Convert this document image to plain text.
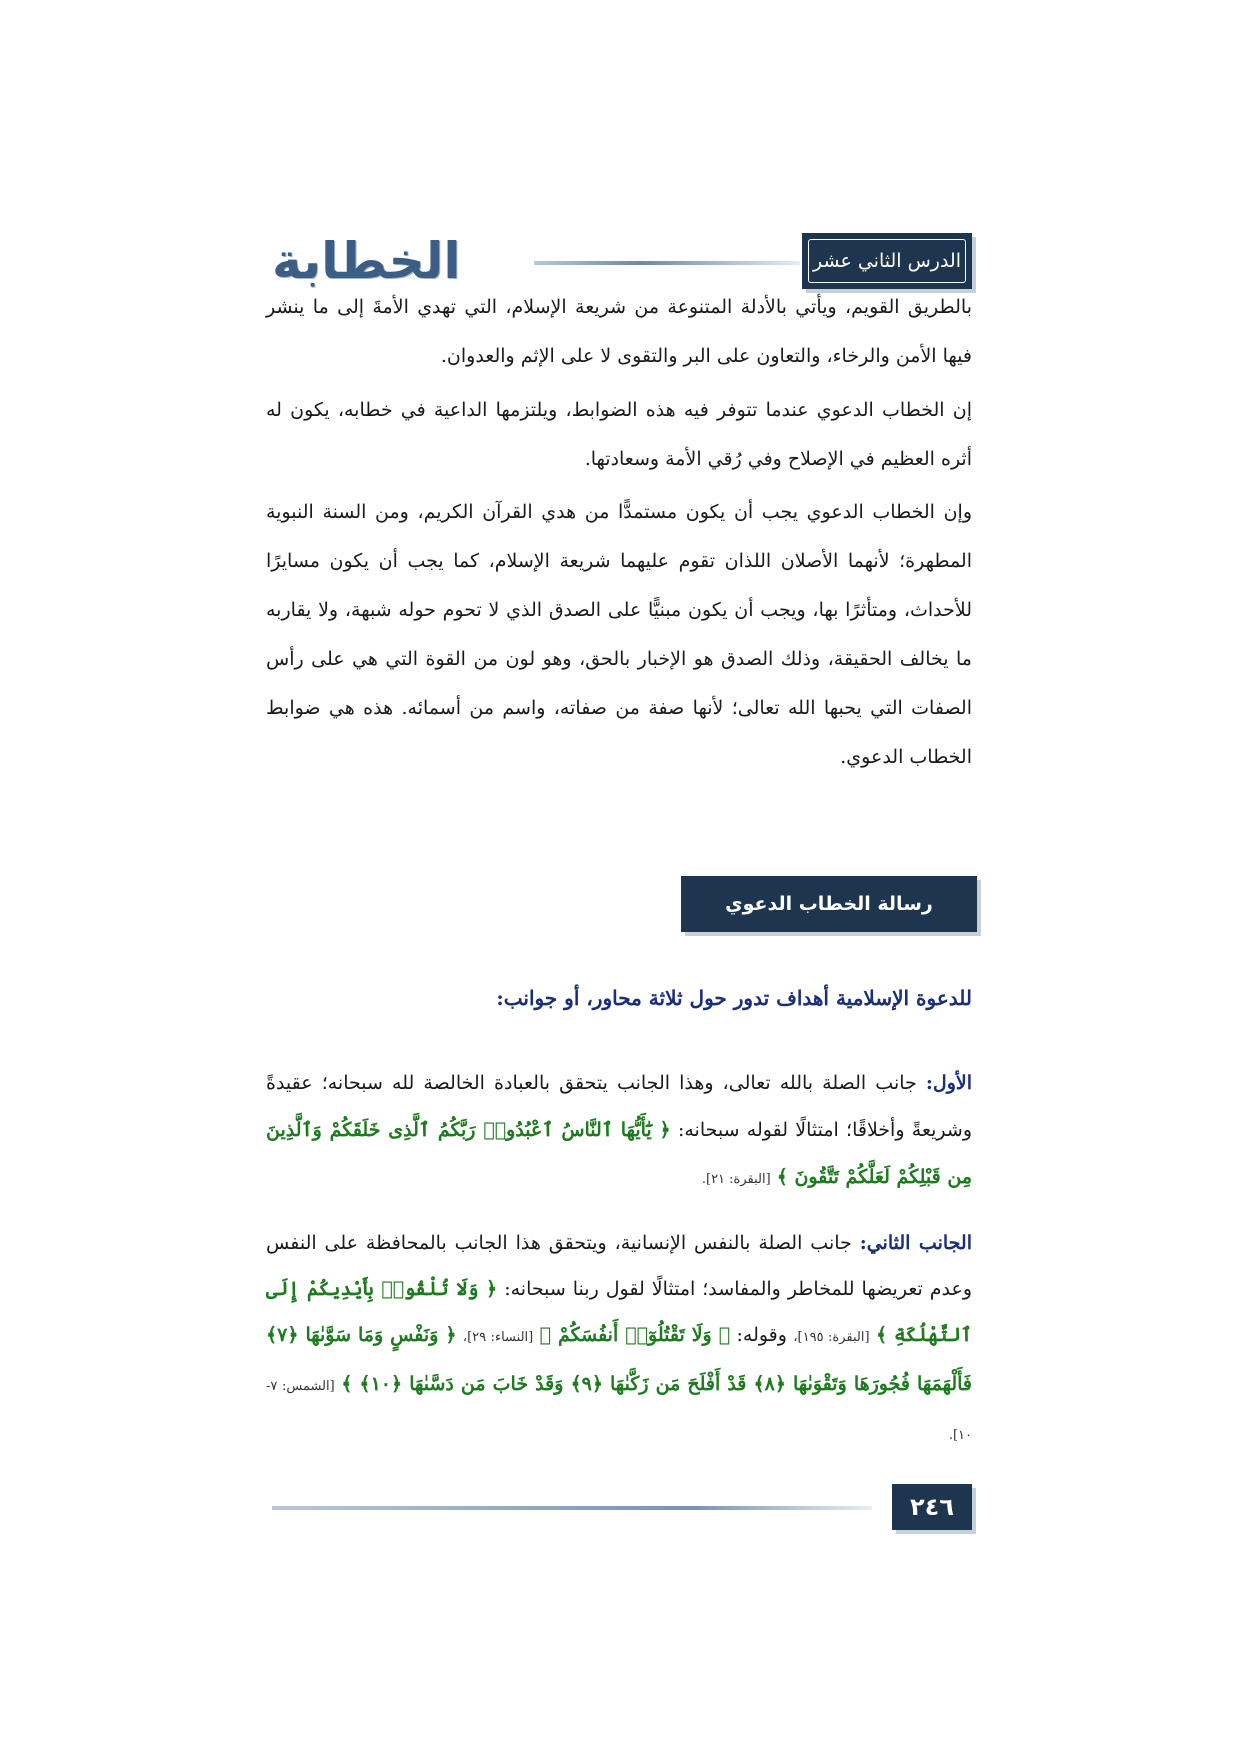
الخطابة	الدرس الثاني عشر
بالطريق القويم، ويأتي بالأدلة المتنوعة من شريعة الإسلام، التي تهدي الأمةَ إلى ما ينشر فيها الأمن والرخاء، والتعاون على البر والتقوى لا على الإثم والعدوان.
إن الخطاب الدعوي عندما تتوفر فيه هذه الضوابط، ويلتزمها الداعية في خطابه، يكون له أثره العظيم في الإصلاح وفي رُقي الأمة وسعادتها.
وإن الخطاب الدعوي يجب أن يكون مستمدًّا من هدي القرآن الكريم، ومن السنة النبوية المطهرة؛ لأنهما الأصلان اللذان تقوم عليهما شريعة الإسلام، كما يجب أن يكون مسايرًا للأحداث، ومتأثرًا بها، ويجب أن يكون مبنيًّا على الصدق الذي لا تحوم حوله شبهة، ولا يقاربه ما يخالف الحقيقة، وذلك الصدق هو الإخبار بالحق، وهو لون من القوة التي هي على رأس الصفات التي يحبها الله تعالى؛ لأنها صفة من صفاته، واسم من أسمائه. هذه هي ضوابط الخطاب الدعوي.
رسالة الخطاب الدعوي
للدعوة الإسلامية أهداف تدور حول ثلاثة محاور، أو جوانب:
الأول: جانب الصلة بالله تعالى، وهذا الجانب يتحقق بالعبادة الخالصة لله سبحانه؛ عقيدةً وشريعةً وأخلاقًا؛ امتثالًا لقوله سبحانه: ﴿ يَٰٓأَيُّهَا ٱلنَّاسُ ٱعْبُدُوا۟ رَبَّكُمُ ٱلَّذِى خَلَقَكُمْ وَٱلَّذِينَ مِن قَبْلِكُمْ لَعَلَّكُمْ تَتَّقُونَ ﴾ [البقرة: ٢١].
الجانب الثاني: جانب الصلة بالنفس الإنسانية، ويتحقق هذا الجانب بالمحافظة على النفس وعدم تعريضها للمخاطر والمفاسد؛ امتثالًا لقول ربنا سبحانه: ﴿ وَلَا تُلْقُوا۟ بِأَيْدِيكُمْ إِلَى ٱلتَّهْلُكَةِ ﴾ [البقرة: ١٩٥]، وقوله: ﴿ وَلَا تَقْتُلُوٓا۟ أَنفُسَكُمْ ﴾ [النساء: ٢٩]، ﴿ وَنَفْسٍ وَمَا سَوَّىٰهَا ﴿٧﴾ فَأَلْهَمَهَا فُجُورَهَا وَتَقْوَىٰهَا ﴿٨﴾ قَدْ أَفْلَحَ مَن زَكَّىٰهَا ﴿٩﴾ وَقَدْ خَابَ مَن دَسَّىٰهَا ﴿١٠﴾ ﴾ [الشمس: ٧- ١٠].
٢٤٦
